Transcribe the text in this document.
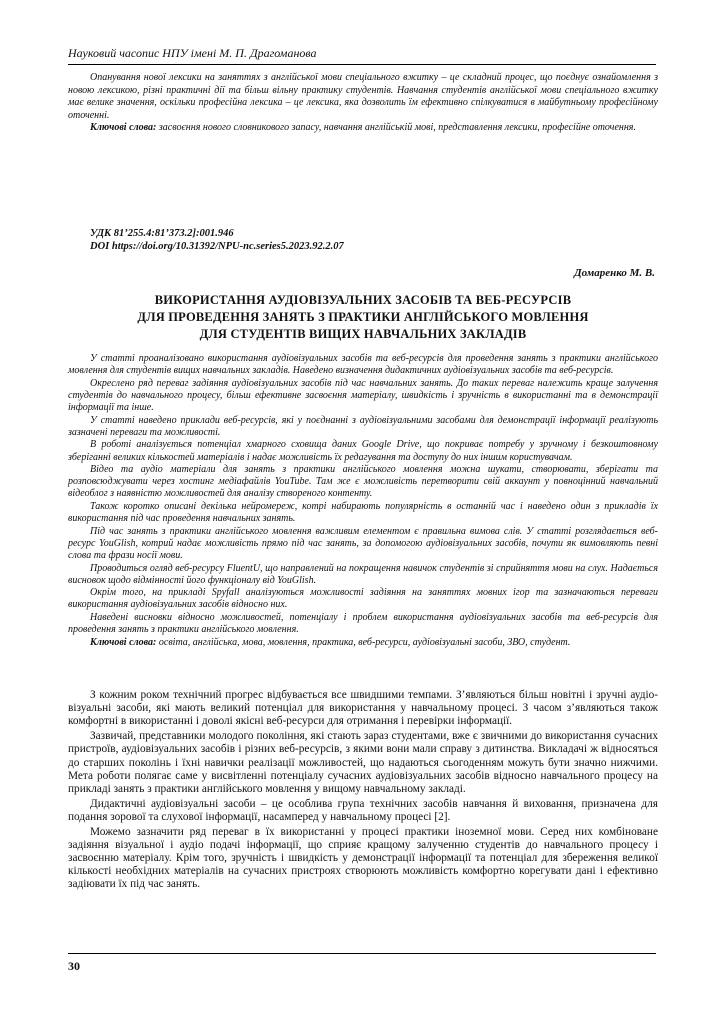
Науковий часопис НПУ імені М. П. Драгоманова

Опанування нової лексики на заняттях з англійської мови спеціального вжитку – це складний процес, що поєднує ознайомлення з новою лексикою, різні практичні дії та більш вільну практику студентів. Навчання студентів англійської мови спеціального вжитку має велике значення, оскільки професійна лексика – це лексика, яка дозволить їм ефективно спілкуватися в майбутньому професійному оточенні.

Ключові слова: засвоєння нового словникового запасу, навчання англійській мові, представлення лексики, професійне оточення.

УДК 81’255.4:81’373.2]:001.946
DOI https://doi.org/10.31392/NPU-nc.series5.2023.92.2.07
Домаренко М. В.
ВИКОРИСТАННЯ АУДІОВІЗУАЛЬНИХ ЗАСОБІВ ТА ВЕБ-РЕСУРСІВ
ДЛЯ ПРОВЕДЕННЯ ЗАНЯТЬ З ПРАКТИКИ АНГЛІЙСЬКОГО МОВЛЕННЯ
ДЛЯ СТУДЕНТІВ ВИЩИХ НАВЧАЛЬНИХ ЗАКЛАДІВ

У статті проаналізовано використання аудіовізуальних засобів та веб-ресурсів для проведення занять з практики англійського мовлення для студентів вищих навчальних закладів. Наведено визначення дидактичних аудіовізуальних засобів та веб-ресурсів.

Окреслено ряд переваг задіяння аудіовізуальних засобів під час навчальних занять. До таких переваг належить краще залучення студентів до навчального процесу, більш ефективне засвоєння матеріалу, швидкість і зручність в використанні та в демонстрації інформації та інше.

У статті наведено приклади веб-ресурсів, які у поєднанні з аудіовізуальними засобами для демонстрації інформації реалізують зазначені переваги та можливості.

В роботі аналізується потенціал хмарного сховища даних Google Drive, що покриває потребу у зручному і безкоштовному зберіганні великих кількостей матеріалів і надає можливість їх редагування та доступу до них іншим користувачам.

Відео та аудіо матеріали для занять з практики англійського мовлення можна шукати, створювати, зберігати та розповсюджувати через хостинг медіафайлів YouTube. Там же є можливість перетворити свій аккаунт у повноцінний навчальний відеоблог з наявністю можливостей для аналізу створеного контенту.

Також коротко описані декілька нейромереж, котрі набирають популярність в останній час і наведено один з прикладів їх використання під час проведення навчальних занять.

Під час занять з практики англійського мовлення важливим елементом є правильна вимова слів. У статті розглядається веб-ресурс YouGlish, котрий надає можливість прямо під час занять, за допомогою аудіовізуальних засобів, почути як вимовляють певні слова та фрази носії мови.

Проводиться огляд веб-ресурсу FluentU, що направлений на покращення навичок студентів зі сприйняття мови на слух. Надається висновок щодо відмінності його функціоналу від YouGlish.

Окрім того, на прикладі Spyfall аналізуються можливості задіяння на заняттях мовних ігор та зазначаються переваги використання аудіовізуальних засобів відносно них.

Наведені висновки відносно можливостей, потенціалу і проблем використання аудіовізуальних засобів та веб-ресурсів для проведення занять з практики англійського мовлення.

Ключові слова: освіта, англійська, мова, мовлення, практика, веб-ресурси, аудіовізуальні засоби, ЗВО, студент.

З кожним роком технічний прогрес відбувається все швидшими темпами. З’являються більш новітні і зручні аудіо-візуальні засоби, які мають великий потенціал для використання у навчальному процесі. З часом з’являються також комфортні в використанні і доволі якісні веб-ресурси для отримання і перевірки інформації.

Зазвичай, представники молодого покоління, які стають зараз студентами, вже є звичними до використання сучасних пристроїв, аудіовізуальних засобів і різних веб-ресурсів, з якими вони мали справу з дитинства. Викладачі ж відносяться до старших поколінь і їхні навички реалізації можливостей, що надаються сьогоденням можуть бути значно нижчими. Мета роботи полягає саме у висвітленні потенціалу сучасних аудіовізуальних засобів відносно навчального процесу на прикладі занять з практики англійського мовлення у вищому навчальному закладі.

Дидактичні аудіовізуальні засоби – це особлива група технічних засобів навчання й виховання, призначена для подання зорової та слухової інформації, насамперед у навчальному процесі [2].

Можемо зазначити ряд переваг в їх використанні у процесі практики іноземної мови. Серед них комбіноване задіяння візуальної і аудіо подачі інформації, що сприяє кращому залученню студентів до навчального процесу і засвоєнню матеріалу. Крім того, зручність і швидкість у демонстрації інформації та потенціал для збереження великої кількості необхідних матеріалів на сучасних пристроях створюють можливість комфортно корегувати дані і ефективно задіювати їх під час занять.

30
